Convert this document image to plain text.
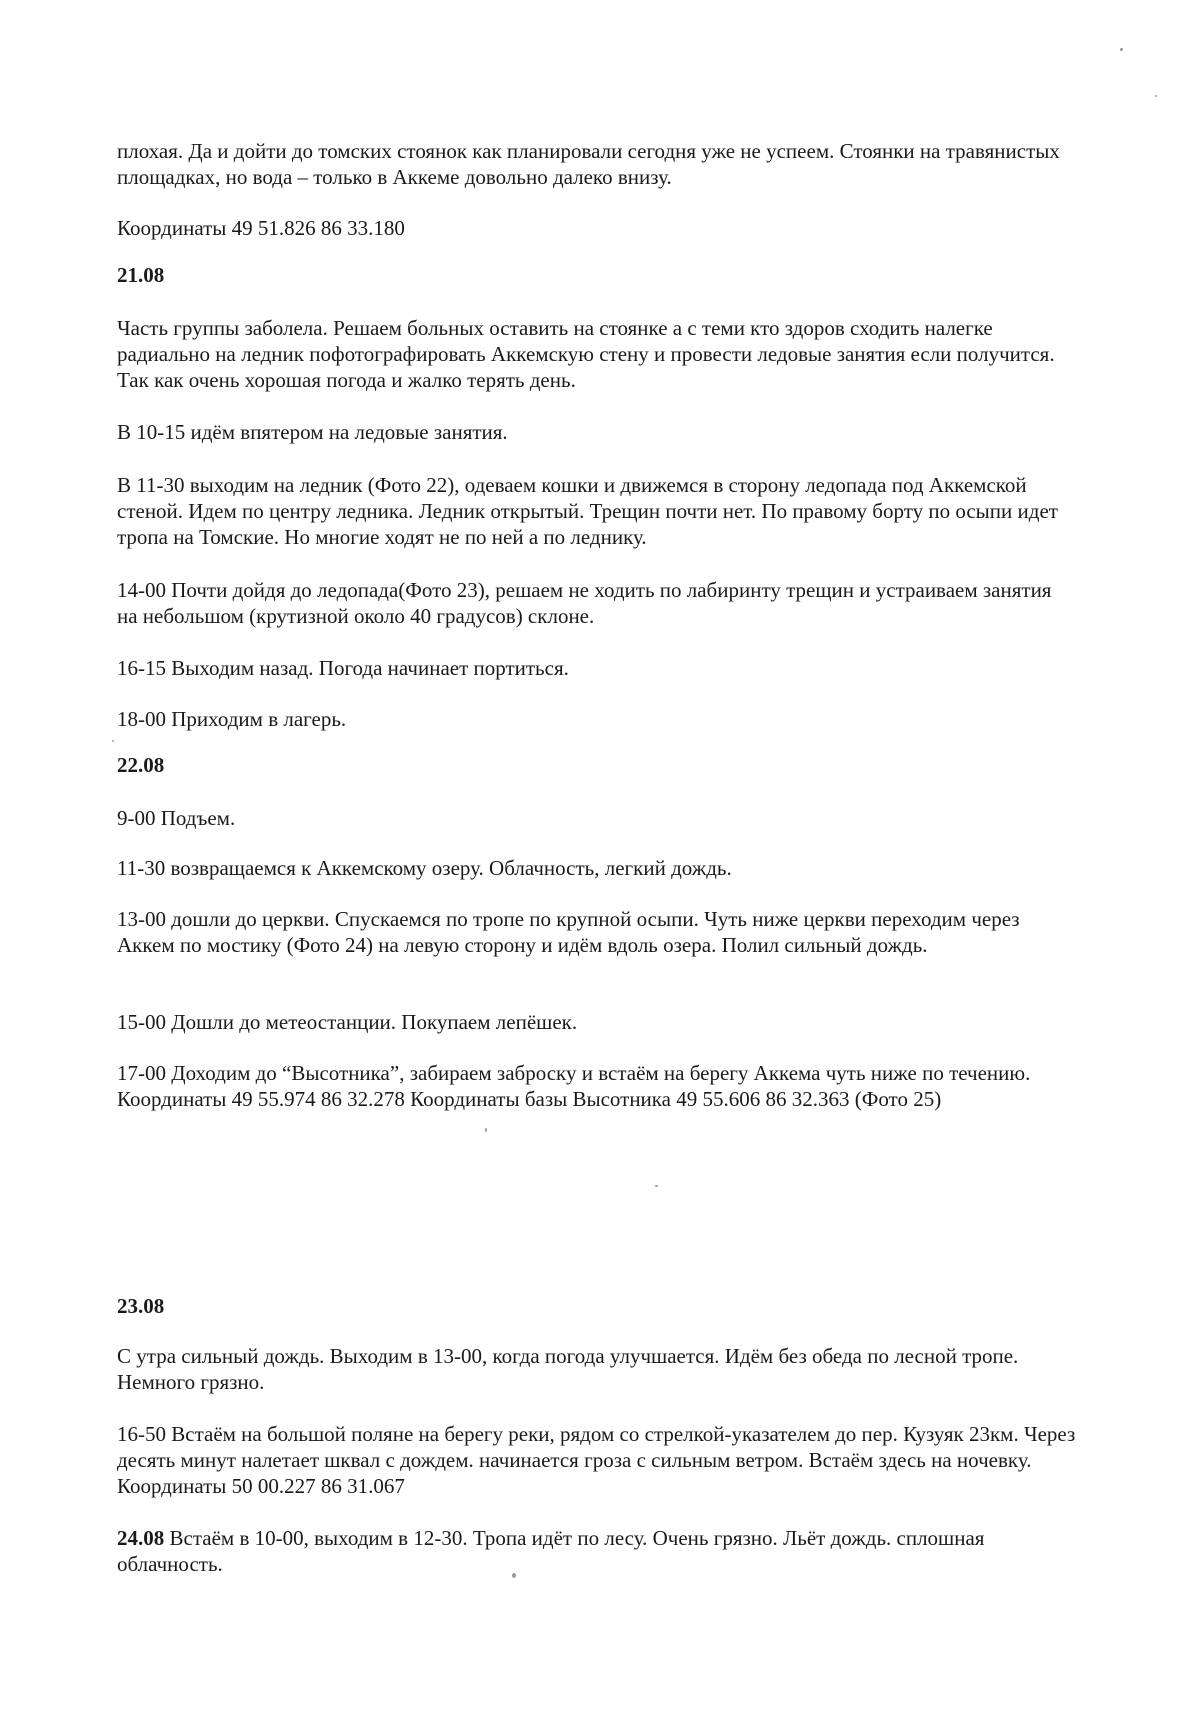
плохая. Да и дойти до томских стоянок как планировали сегодня уже не успеем. Стоянки на травянистых площадках, но вода – только в Аккеме довольно далеко внизу.

Координаты 49 51.826 86 33.180

21.08

Часть группы заболела. Решаем больных оставить на стоянке а с теми кто здоров сходить налегке радиально на ледник пофотографировать Аккемскую стену и провести ледовые занятия если получится. Так как очень хорошая погода и жалко терять день.

В 10-15 идём впятером на ледовые занятия.

В 11-30 выходим на ледник (Фото 22), одеваем кошки и движемся в сторону ледопада под Аккемской стеной. Идем по центру ледника. Ледник открытый. Трещин почти нет. По правому борту по осыпи идет тропа на Томские. Но многие ходят не по ней а по леднику.

14-00 Почти дойдя до ледопада(Фото 23), решаем не ходить по лабиринту трещин и устраиваем занятия на небольшом (крутизной около 40 градусов) склоне.

16-15 Выходим назад. Погода начинает портиться.

18-00 Приходим в лагерь.

22.08

9-00 Подъем.

11-30 возвращаемся к Аккемскому озеру. Облачность, легкий дождь.

13-00 дошли до церкви. Спускаемся по тропе по крупной осыпи. Чуть ниже церкви переходим через Аккем по мостику (Фото 24) на левую сторону и идём вдоль озера. Полил сильный дождь.

15-00 Дошли до метеостанции. Покупаем лепёшек.

17-00 Доходим до “Высотника”, забираем заброску и встаём на берегу Аккема чуть ниже по течению. Координаты 49 55.974 86 32.278 Координаты базы Высотника 49 55.606 86 32.363 (Фото 25)

23.08

С утра сильный дождь. Выходим в 13-00, когда погода улучшается. Идём без обеда по лесной тропе. Немного грязно.

16-50 Встаём на большой поляне на берегу реки, рядом со стрелкой-указателем до пер. Кузуяк 23км. Через десять минут налетает шквал с дождем. начинается гроза с сильным ветром. Встаём здесь на ночевку. Координаты 50 00.227 86 31.067

24.08 Встаём в 10-00, выходим в 12-30. Тропа идёт по лесу. Очень грязно. Льёт дождь. сплошная облачность.
